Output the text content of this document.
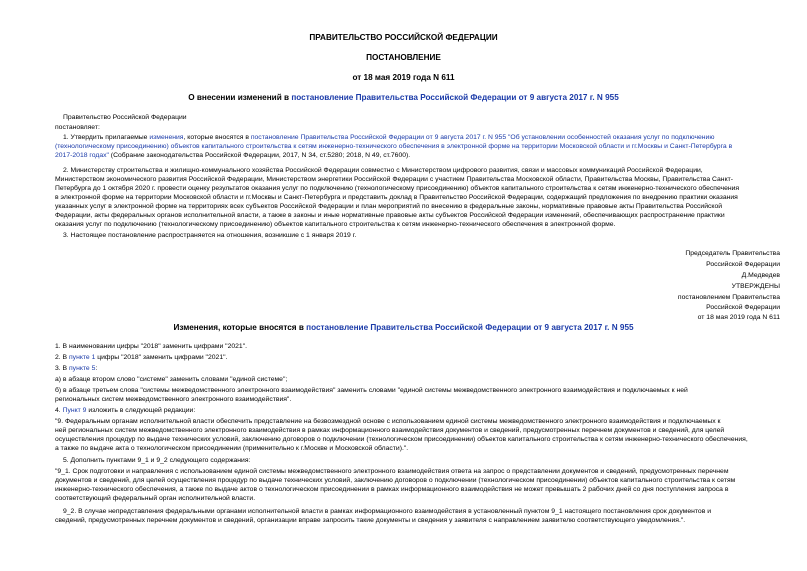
ПРАВИТЕЛЬСТВО РОССИЙСКОЙ ФЕДЕРАЦИИ
ПОСТАНОВЛЕНИЕ
от 18 мая 2019 года N 611
О внесении изменений в постановление Правительства Российской Федерации от 9 августа 2017 г. N 955
Правительство Российской Федерации
постановляет:
1. Утвердить прилагаемые изменения, которые вносятся в постановление Правительства Российской Федерации от 9 августа 2017 г. N 955 "Об установлении особенностей оказания услуг по подключению
(технологическому присоединению) объектов капитального строительства к сетям инженерно-технического обеспечения в электронной форме на территории Московской области и гг.Москвы и Санкт-Петербурга в
2017-2018 годах" (Собрание законодательства Российской Федерации, 2017, N 34, ст.5280; 2018, N 49, ст.7600).
2. Министерству строительства и жилищно-коммунального хозяйства Российской Федерации совместно с Министерством цифрового развития, связи и массовых коммуникаций Российской Федерации,
Министерством экономического развития Российской Федерации, Министерством энергетики Российской Федерации с участием Правительства Московской области, Правительства Москвы, Правительства Санкт-
Петербурга до 1 октября 2020 г. провести оценку результатов оказания услуг по подключению (технологическому присоединению) объектов капитального строительства к сетям инженерно-технического обеспечения
в электронной форме на территории Московской области и гг.Москвы и Санкт-Петербурга и представить доклад в Правительство Российской Федерации, содержащий предложения по внедрению практики оказания
указанных услуг в электронной форме на территориях всех субъектов Российской Федерации и план мероприятий по внесению в федеральные законы, нормативные правовые акты Правительства Российской
Федерации, акты федеральных органов исполнительной власти, а также в законы и иные нормативные правовые акты субъектов Российской Федерации изменений, обеспечивающих распространение практики
оказания услуг по подключению (технологическому присоединению) объектов капитального строительства к сетям инженерно-технического обеспечения в электронной форме.
3. Настоящее постановление распространяется на отношения, возникшие с 1 января 2019 г.
Председатель Правительства
Российской Федерации
Д.Медведев
УТВЕРЖДЕНЫ
постановлением Правительства
Российской Федерации
от 18 мая 2019 года N 611
Изменения, которые вносятся в постановление Правительства Российской Федерации от 9 августа 2017 г. N 955
1. В наименовании цифры "2018" заменить цифрами "2021".
2. В пункте 1 цифры "2018" заменить цифрами "2021".
3. В пункте 5:
а) в абзаце втором слово "системе" заменить словами "единой системе";
б) в абзаце третьем слова "системы межведомственного электронного взаимодействия" заменить словами "единой системы межведомственного электронного взаимодействия и подключаемых к ней
региональных систем межведомственного электронного взаимодействия".
4. Пункт 9 изложить в следующей редакции:
"9. Федеральным органам исполнительной власти обеспечить представление на безвозмездной основе с использованием единой системы межведомственного электронного взаимодействия и подключаемых к
ней региональных систем межведомственного электронного взаимодействия в рамках информационного взаимодействия документов и сведений, предусмотренных перечнем документов и сведений, для целей
осуществления процедур по выдаче технических условий, заключению договоров о подключении (технологическом присоединении) объектов капитального строительства к сетям инженерно-технического обеспечения,
а также по выдаче акта о технологическом присоединении (применительно к г.Москве и Московской области).".
5. Дополнить пунктами 9_1 и 9_2 следующего содержания:
"9_1. Срок подготовки и направления с использованием единой системы межведомственного электронного взаимодействия ответа на запрос о представлении документов и сведений, предусмотренных перечнем
документов и сведений, для целей осуществления процедур по выдаче технических условий, заключению договоров о подключении (технологическом присоединении) объектов капитального строительства к сетям
инженерно-технического обеспечения, а также по выдаче актов о технологическом присоединении в рамках информационного взаимодействия не может превышать 2 рабочих дней со дня поступления запроса в
соответствующий федеральный орган исполнительной власти.
9_2. В случае непредставления федеральными органами исполнительной власти в рамках информационного взаимодействия в установленный пунктом 9_1 настоящего постановления срок документов и
сведений, предусмотренных перечнем документов и сведений, организации вправе запросить такие документы и сведения у заявителя с направлением заявителю соответствующего уведомления.".
